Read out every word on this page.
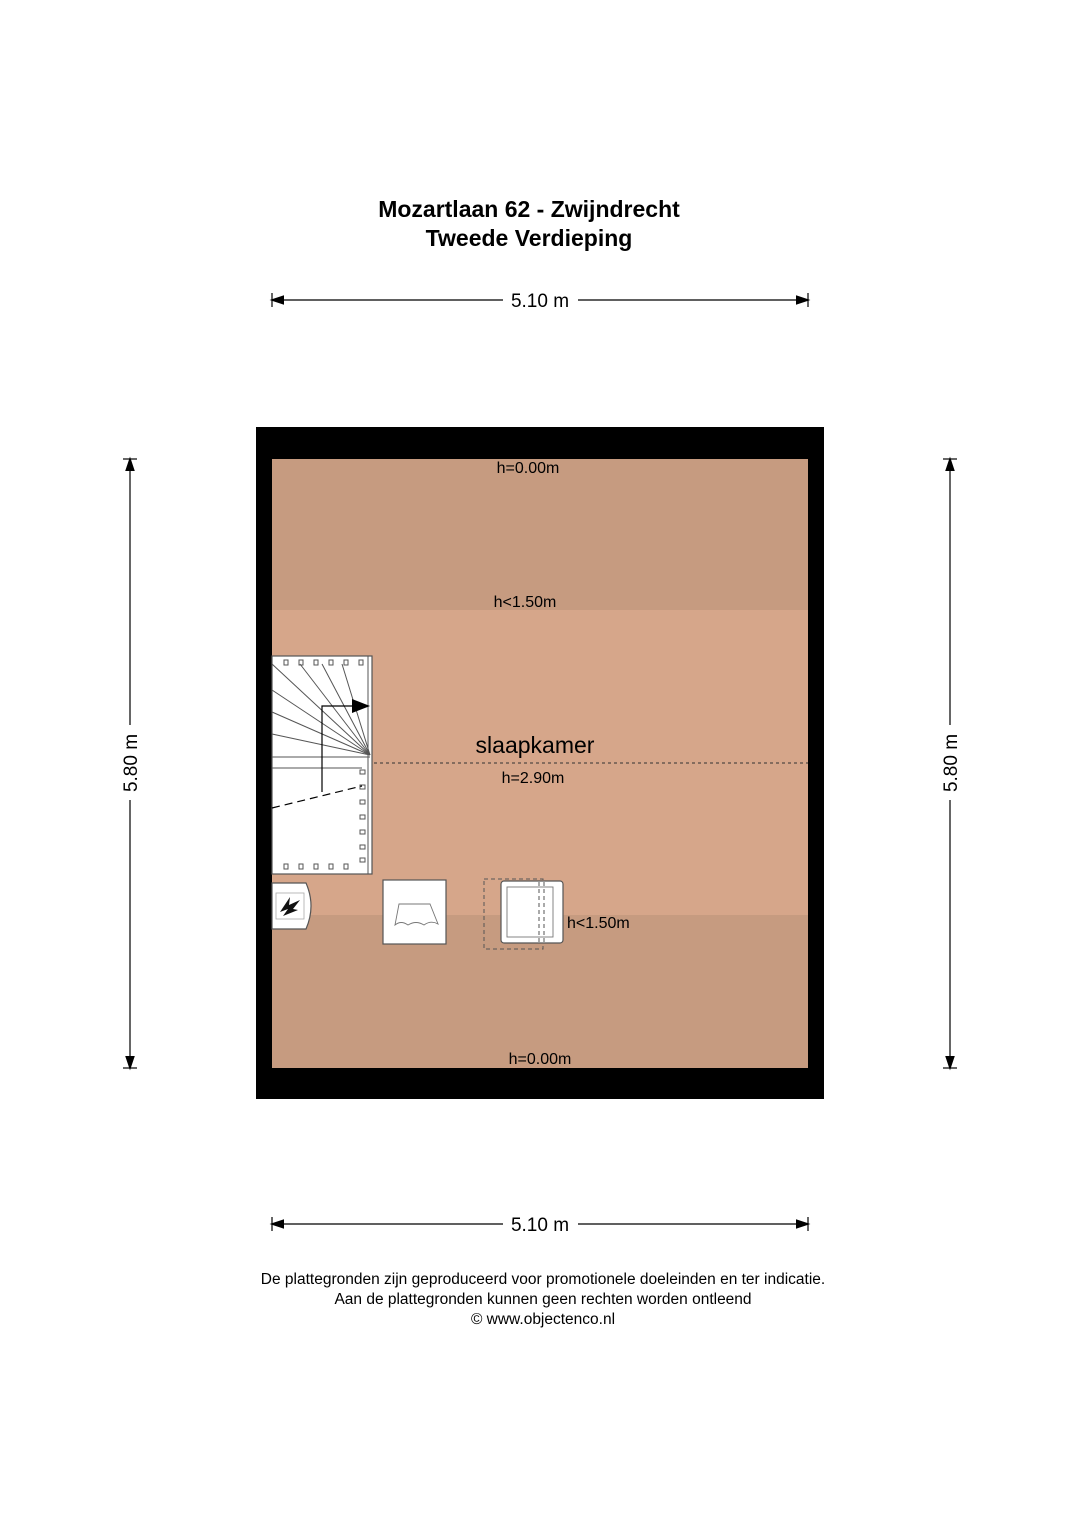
Mozartlaan 62 - Zwijndrecht
Tweede Verdieping
5.10 m
5.10 m
5.80 m	5.80 m
h=0.00m
h<1.50m
slaapkamer
h=2.90m
h<1.50m
h=0.00m
De plattegronden zijn geproduceerd voor promotionele doeleinden en ter indicatie.
Aan de plattegronden kunnen geen rechten worden ontleend
© www.objectenco.nl
